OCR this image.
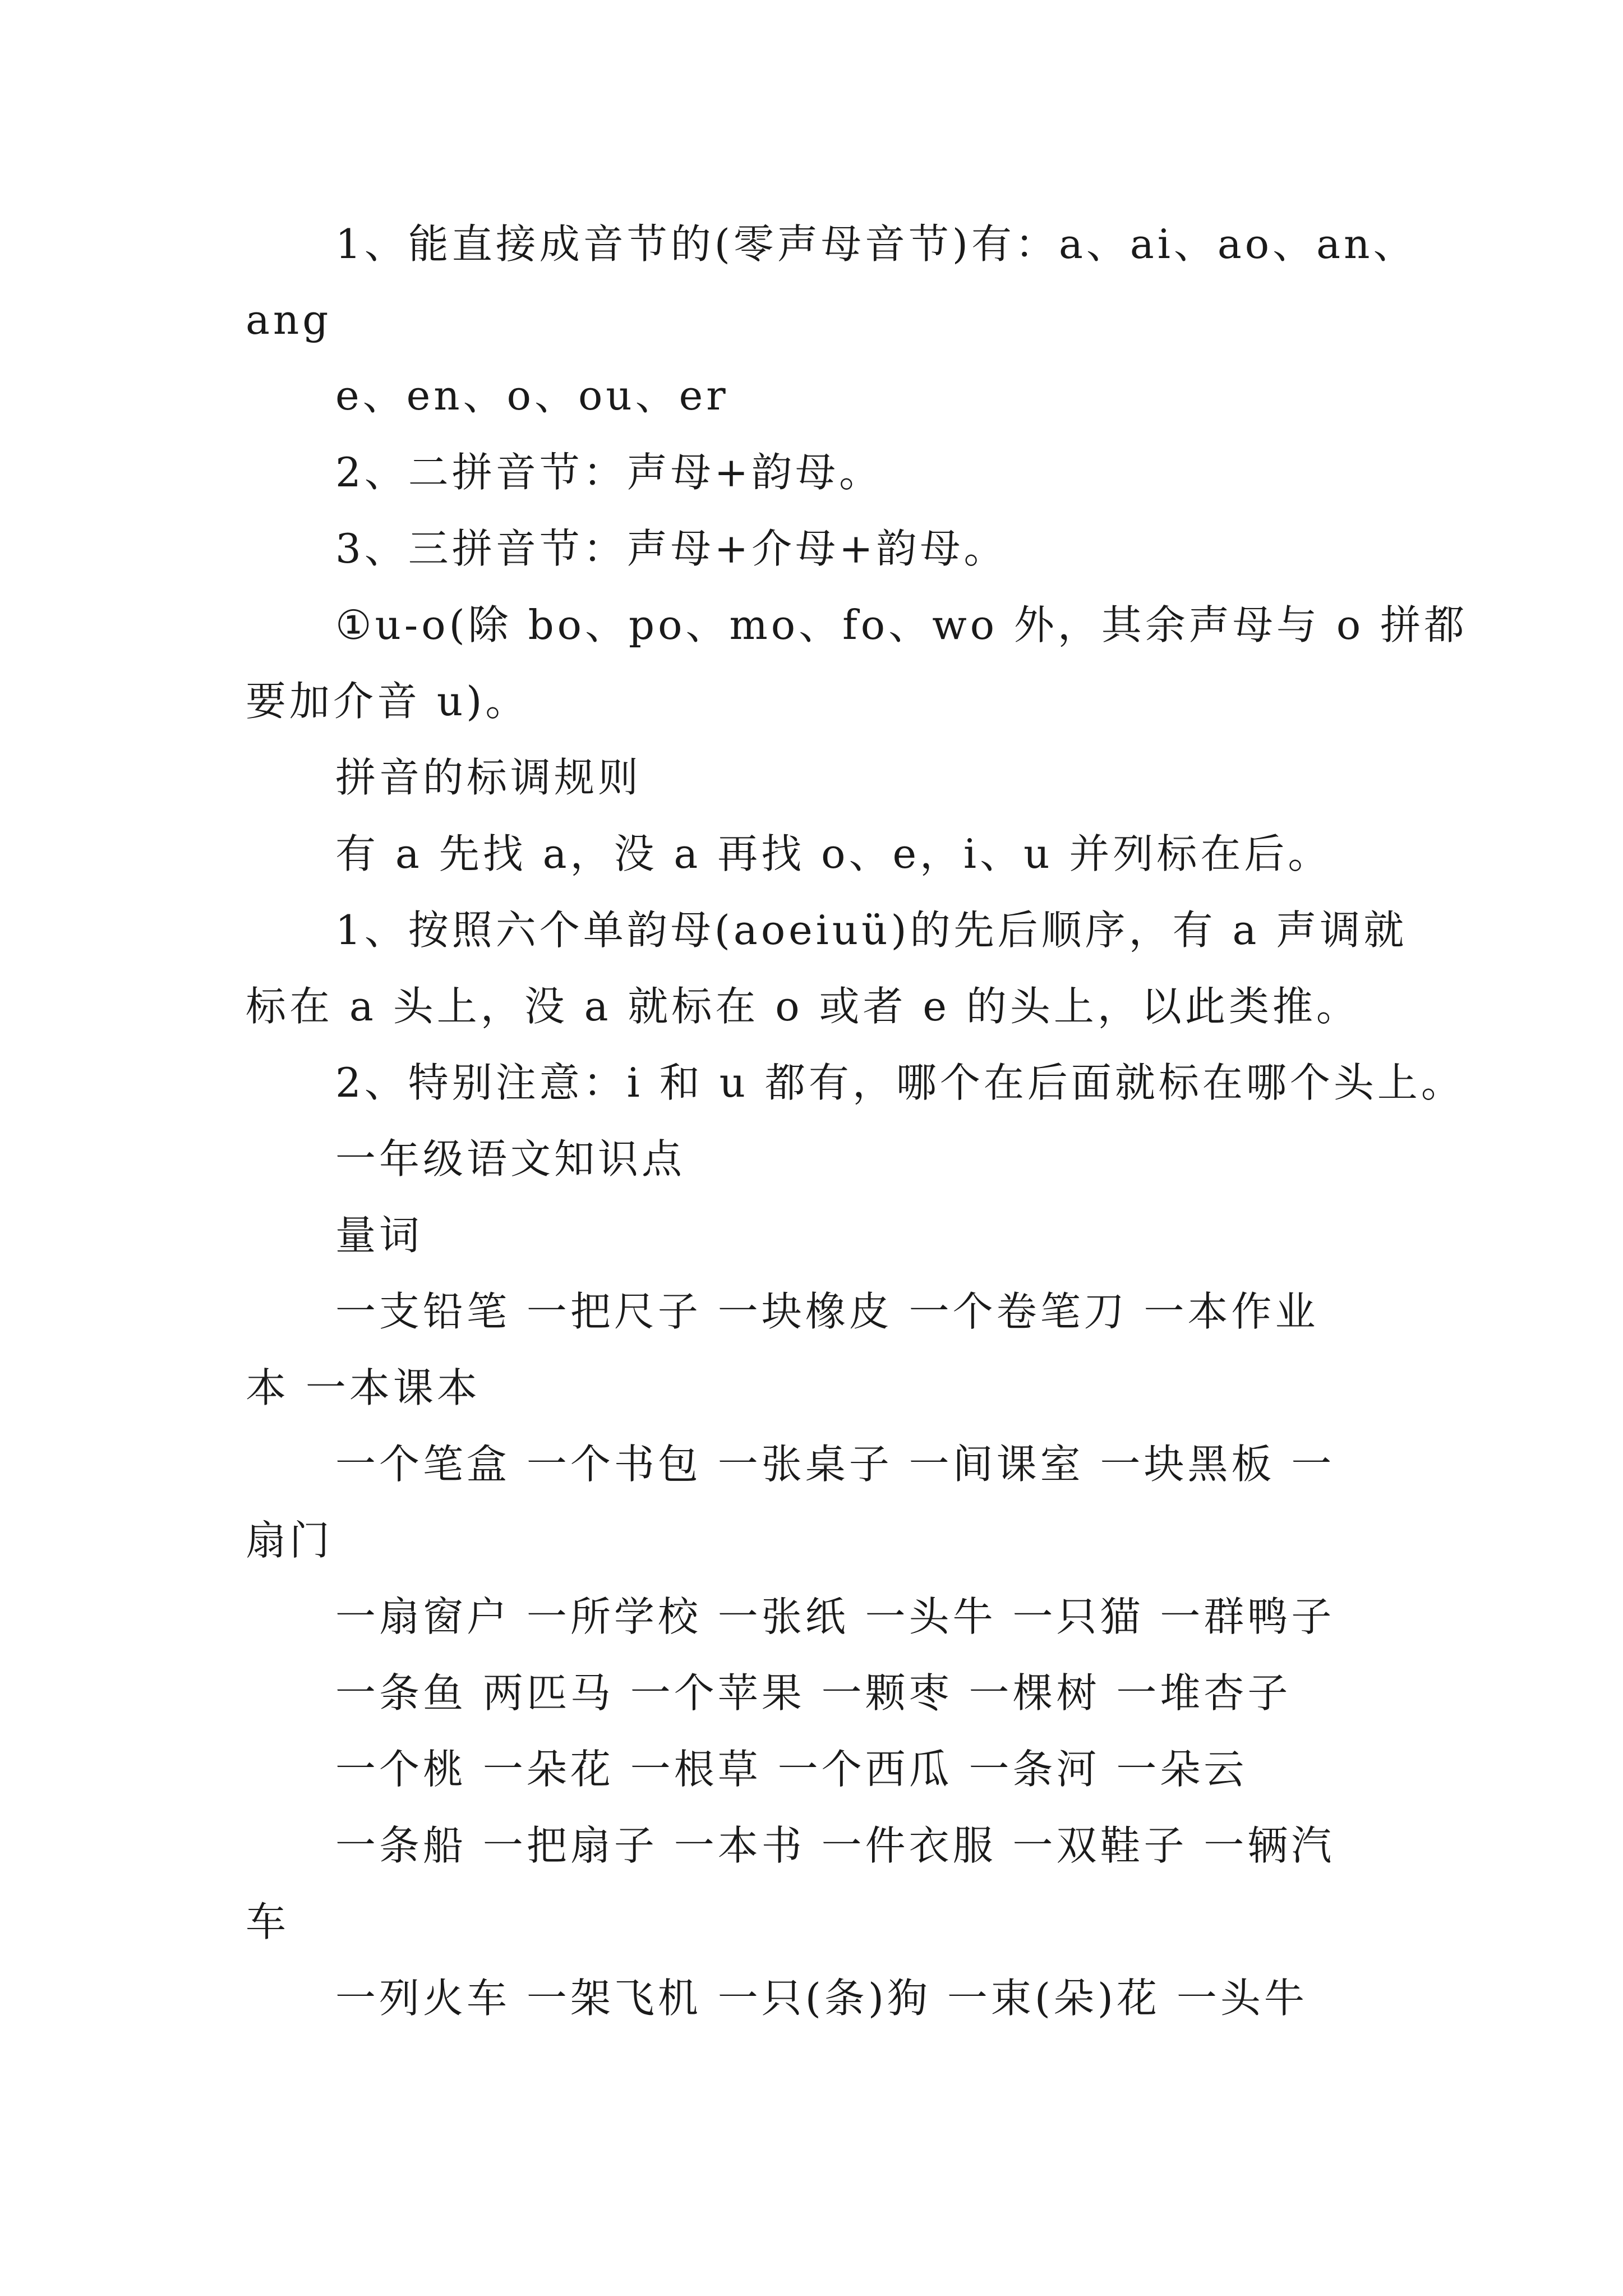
1、能直接成音节的(零声母音节)有：a、ai、ao、an、
ang
e、en、o、ou、er
2、二拼音节：声母+韵母。
3、三拼音节：声母+介母+韵母。
①u-o(除 bo、po、mo、fo、wo 外，其余声母与 o 拼都
要加介音 u)。
拼音的标调规则
有 a 先找 a，没 a 再找 o、e，i、u 并列标在后。
1、按照六个单韵母(aoeiuü)的先后顺序，有 a 声调就
标在 a 头上，没 a 就标在 o 或者 e 的头上，以此类推。
2、特别注意：i 和 u 都有，哪个在后面就标在哪个头上。
一年级语文知识点
量词
一支铅笔 一把尺子 一块橡皮 一个卷笔刀 一本作业
本 一本课本
一个笔盒 一个书包 一张桌子 一间课室 一块黑板 一
扇门
一扇窗户 一所学校 一张纸 一头牛 一只猫 一群鸭子
一条鱼 两匹马 一个苹果 一颗枣 一棵树 一堆杏子
一个桃 一朵花 一根草 一个西瓜 一条河 一朵云
一条船 一把扇子 一本书 一件衣服 一双鞋子 一辆汽
车
一列火车 一架飞机 一只(条)狗 一束(朵)花 一头牛
